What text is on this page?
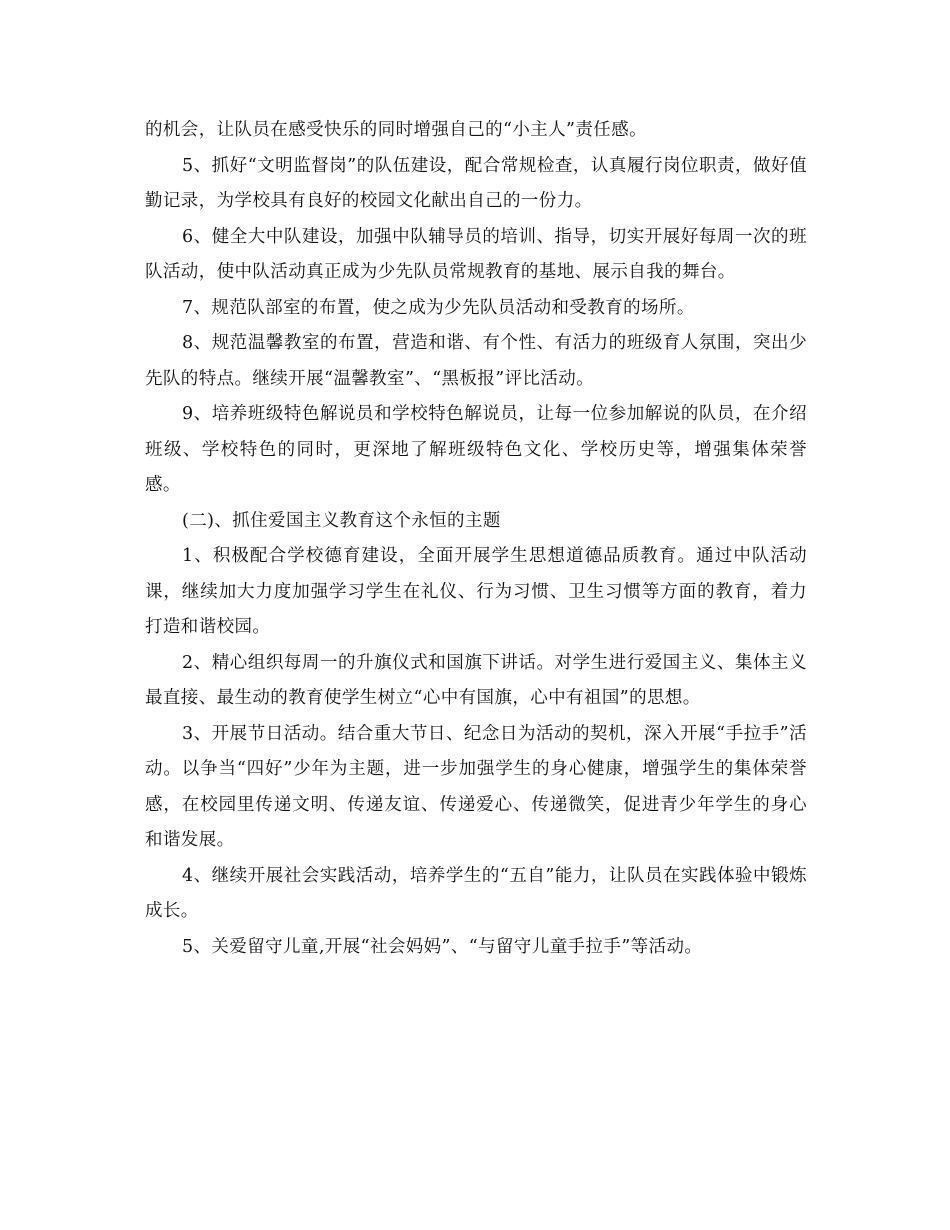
的机会，让队员在感受快乐的同时增强自己的“小主人”责任感。

5、抓好“文明监督岗”的队伍建设，配合常规检查，认真履行岗位职责，做好值勤记录，为学校具有良好的校园文化献出自己的一份力。

6、健全大中队建设，加强中队辅导员的培训、指导，切实开展好每周一次的班队活动，使中队活动真正成为少先队员常规教育的基地、展示自我的舞台。

7、规范队部室的布置，使之成为少先队员活动和受教育的场所。

8、规范温馨教室的布置，营造和谐、有个性、有活力的班级育人氛围，突出少先队的特点。继续开展“温馨教室”、“黑板报”评比活动。

9、培养班级特色解说员和学校特色解说员，让每一位参加解说的队员，在介绍班级、学校特色的同时，更深地了解班级特色文化、学校历史等，增强集体荣誉感。

(二)、抓住爱国主义教育这个永恒的主题

1、积极配合学校德育建设，全面开展学生思想道德品质教育。通过中队活动课，继续加大力度加强学习学生在礼仪、行为习惯、卫生习惯等方面的教育，着力打造和谐校园。

2、精心组织每周一的升旗仪式和国旗下讲话。对学生进行爱国主义、集体主义最直接、最生动的教育使学生树立“心中有国旗，心中有祖国”的思想。

3、开展节日活动。结合重大节日、纪念日为活动的契机，深入开展“手拉手”活动。以争当“四好”少年为主题，进一步加强学生的身心健康，增强学生的集体荣誉感，在校园里传递文明、传递友谊、传递爱心、传递微笑，促进青少年学生的身心和谐发展。

4、继续开展社会实践活动，培养学生的“五自”能力，让队员在实践体验中锻炼成长。

5、关爱留守儿童,开展“社会妈妈”、“与留守儿童手拉手”等活动。
